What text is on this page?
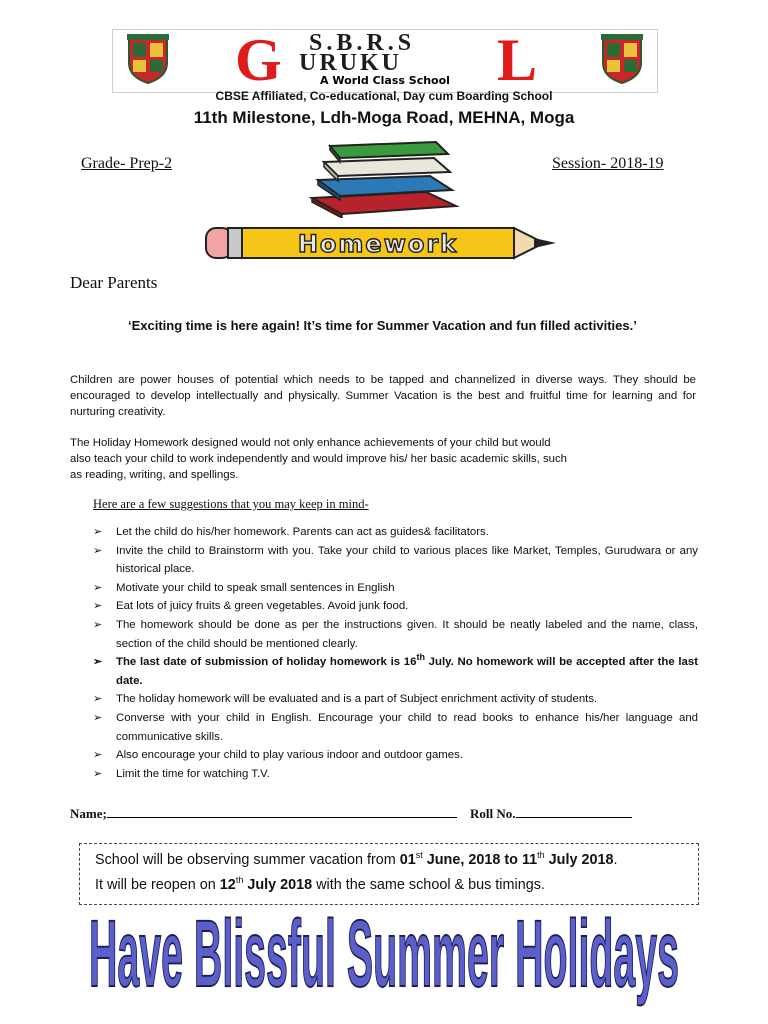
G S.B.R.S
URUKU L
A World Class School
CBSE Affiliated, Co-educational, Day cum Boarding School
11th Milestone, Ldh-Moga Road, MEHNA, Moga
Grade- Prep-2	Session- 2018-19
Homework
Dear Parents
‘Exciting time is here again! It’s time for Summer Vacation and fun filled activities.’
Children are power houses of potential which needs to be tapped and channelized in diverse ways. They should be encouraged to develop intellectually and physically. Summer Vacation is the best and fruitful time for learning and for nurturing creativity.
The Holiday Homework designed would not only enhance achievements of your child but would
also teach your child to work independently and would improve his/ her basic academic skills, such
as reading, writing, and spellings.
Here are a few suggestions that you may keep in mind-
➢ Let the child do his/her homework. Parents can act as guides& facilitators.
➢ Invite the child to Brainstorm with you. Take your child to various places like Market, Temples, Gurudwara or any historical place.
➢ Motivate your child to speak small sentences in English
➢ Eat lots of juicy fruits & green vegetables. Avoid junk food.
➢ The homework should be done as per the instructions given. It should be neatly labeled and the name, class, section of the child should be mentioned clearly.
➢ The last date of submission of holiday homework is 16th July. No homework will be accepted after the last date.
➢ The holiday homework will be evaluated and is a part of Subject enrichment activity of students.
➢ Converse with your child in English. Encourage your child to read books to enhance his/her language and communicative skills.
➢ Also encourage your child to play various indoor and outdoor games.
➢ Limit the time for watching T.V.
Name;	Roll No.
School will be observing summer vacation from 01st June, 2018 to 11th July 2018.
It will be reopen on 12th July 2018 with the same school & bus timings.
Have Blissful Summer Holidays
